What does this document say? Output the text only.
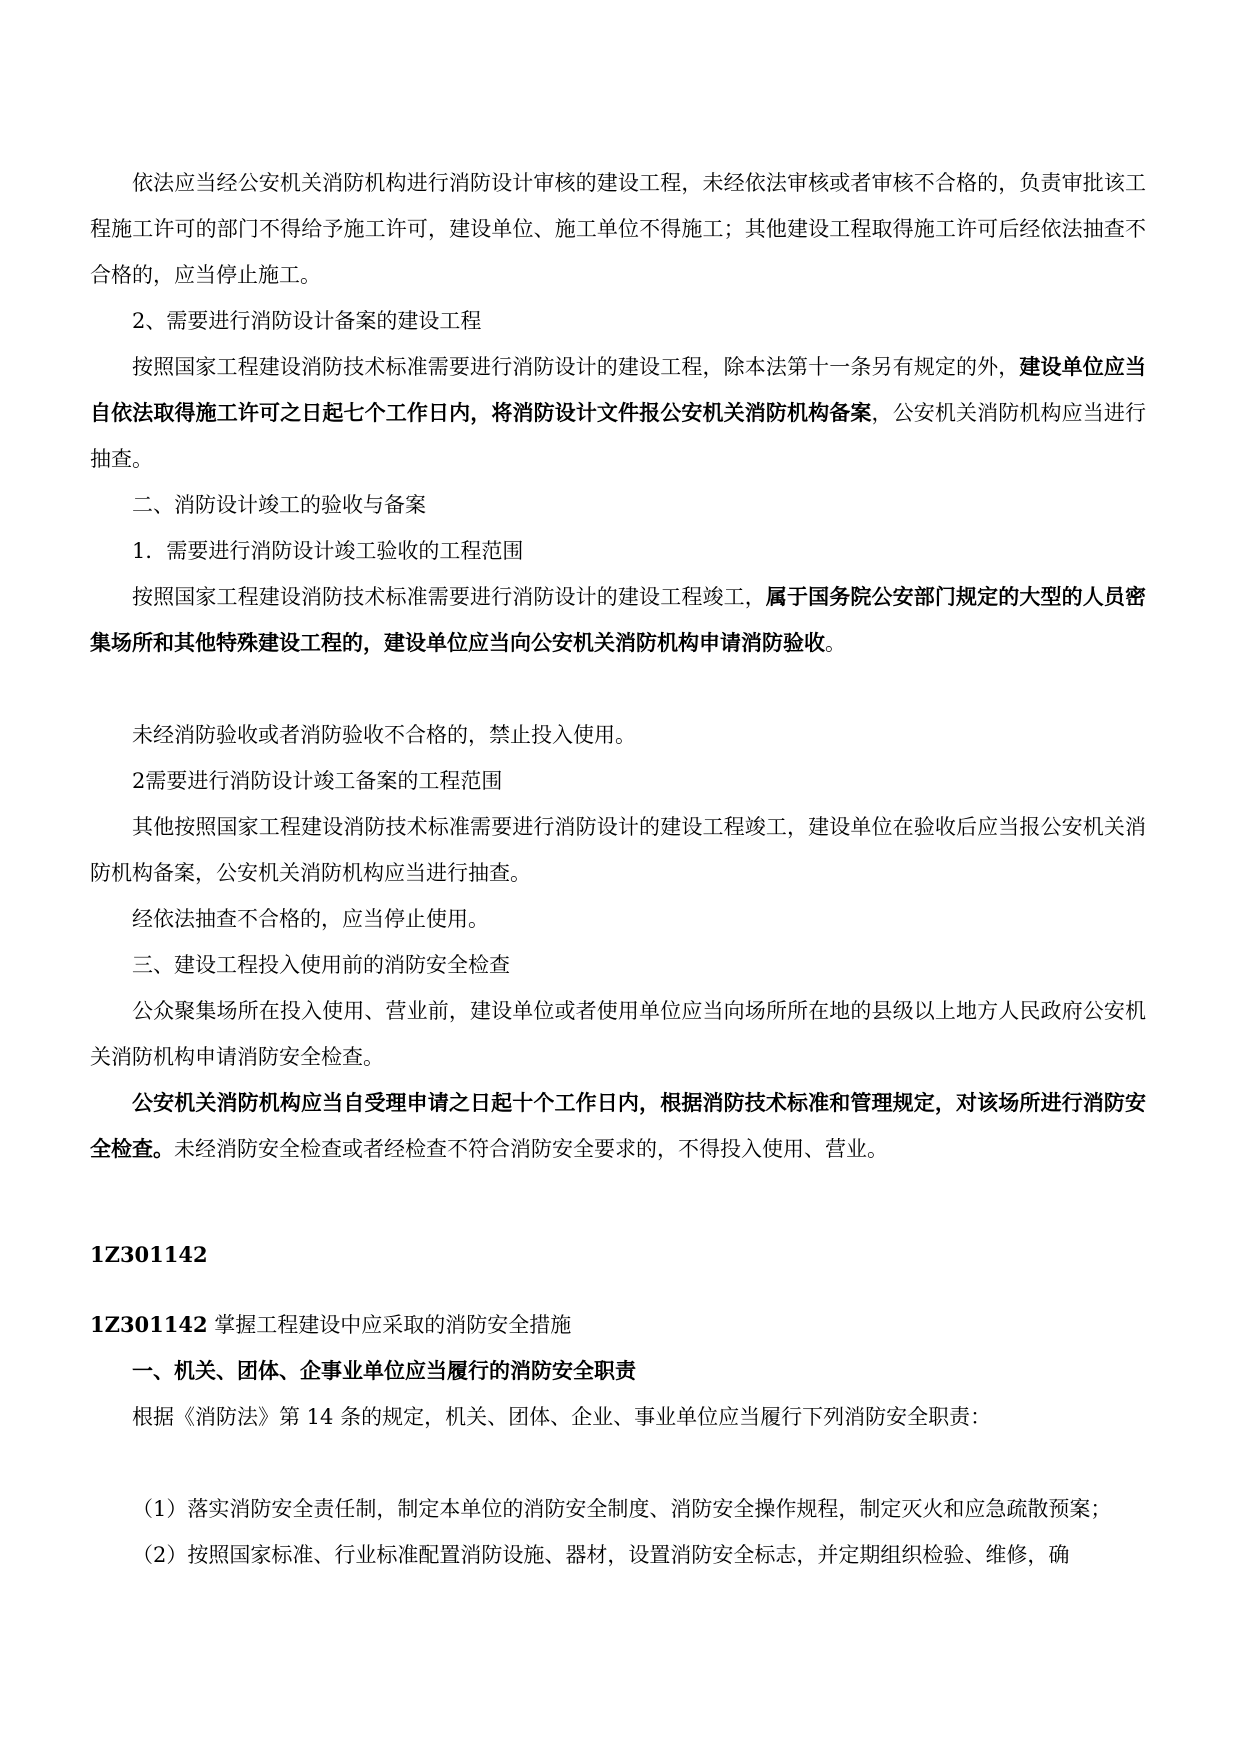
依法应当经公安机关消防机构进行消防设计审核的建设工程，未经依法审核或者审核不合格的，负责审批该工程施工许可的部门不得给予施工许可，建设单位、施工单位不得施工；其他建设工程取得施工许可后经依法抽查不合格的，应当停止施工。

2、需要进行消防设计备案的建设工程

按照国家工程建设消防技术标准需要进行消防设计的建设工程，除本法第十一条另有规定的外，建设单位应当自依法取得施工许可之日起七个工作日内，将消防设计文件报公安机关消防机构备案，公安机关消防机构应当进行抽查。

二、消防设计竣工的验收与备案

1．需要进行消防设计竣工验收的工程范围

按照国家工程建设消防技术标准需要进行消防设计的建设工程竣工，属于国务院公安部门规定的大型的人员密集场所和其他特殊建设工程的，建设单位应当向公安机关消防机构申请消防验收。

未经消防验收或者消防验收不合格的，禁止投入使用。

2需要进行消防设计竣工备案的工程范围

其他按照国家工程建设消防技术标准需要进行消防设计的建设工程竣工，建设单位在验收后应当报公安机关消防机构备案，公安机关消防机构应当进行抽查。

经依法抽查不合格的，应当停止使用。

三、建设工程投入使用前的消防安全检查

公众聚集场所在投入使用、营业前，建设单位或者使用单位应当向场所所在地的县级以上地方人民政府公安机关消防机构申请消防安全检查。

公安机关消防机构应当自受理申请之日起十个工作日内，根据消防技术标准和管理规定，对该场所进行消防安全检查。未经消防安全检查或者经检查不符合消防安全要求的，不得投入使用、营业。

1Z301142

1Z301142 掌握工程建设中应采取的消防安全措施

一、机关、团体、企事业单位应当履行的消防安全职责

根据《消防法》第 14 条的规定，机关、团体、企业、事业单位应当履行下列消防安全职责：

（1）落实消防安全责任制，制定本单位的消防安全制度、消防安全操作规程，制定灭火和应急疏散预案；

（2）按照国家标准、行业标准配置消防设施、器材，设置消防安全标志，并定期组织检验、维修，确
